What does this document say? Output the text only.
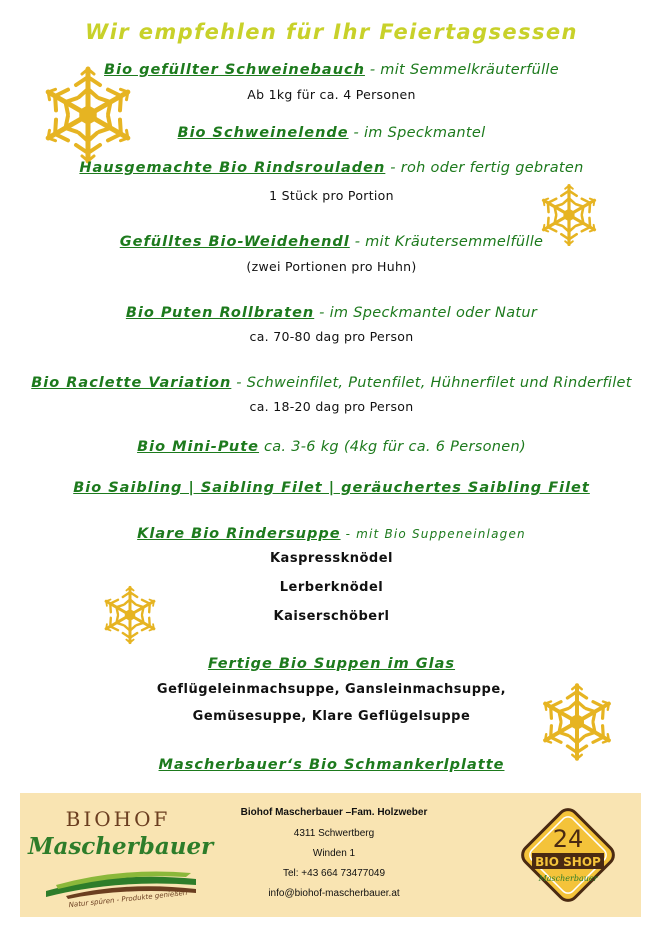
Wir empfehlen für Ihr Feiertagsessen
Bio gefüllter Schweinebauch - mit Semmelkräuterfülle
Ab 1kg für ca. 4 Personen
Bio Schweinelende - im Speckmantel
Hausgemachte Bio Rindsrouladen - roh oder fertig gebraten
1 Stück pro Portion
Gefülltes Bio-Weidehendl - mit Kräutersemmelfülle
(zwei Portionen pro Huhn)
Bio Puten Rollbraten - im Speckmantel oder Natur
ca. 70-80 dag pro Person
Bio Raclette Variation - Schweinfilet, Putenfilet, Hühnerfilet und Rinderfilet
ca. 18-20 dag pro Person
Bio Mini-Pute ca. 3-6 kg (4kg für ca. 6 Personen)
Bio Saibling | Saibling Filet | geräuchertes Saibling Filet
Klare Bio Rindersuppe - mit Bio Suppeneinlagen
Kaspressknödel
Lerberknödel
Kaiserschöberl
Fertige Bio Suppen im Glas
Geflügeleinmachsuppe, Gansleinmachsuppe,
Gemüsesuppe, Klare Geflügelsuppe
Mascherbauer‘s Bio Schmankerlplatte
BIOHOF
Mascherbauer
Natur spüren - Produkte genießen
Biohof Mascherbauer –Fam. Holzweber
4311 Schwertberg
Winden 1
Tel: +43 664 73477049
info@biohof-mascherbauer.at
24
BIO SHOP
Mascherbauer
